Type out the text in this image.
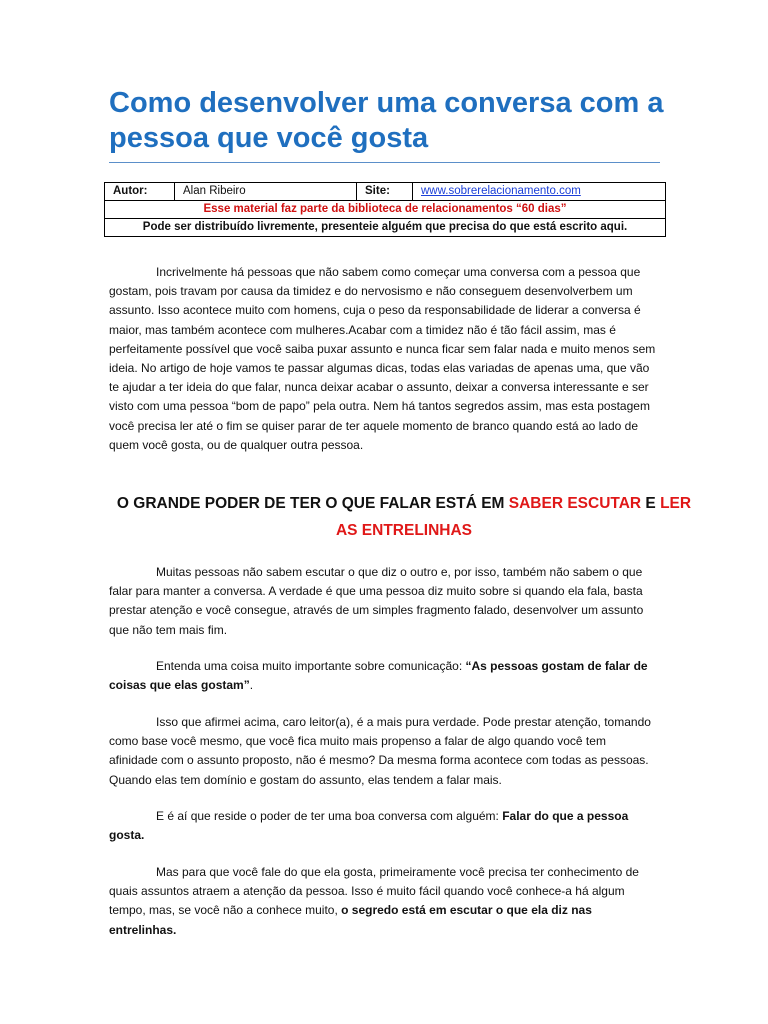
Como desenvolver uma conversa com a pessoa que você gosta
Autor:	Alan Ribeiro	Site:	www.sobrerelacionamento.com
Esse material faz parte da biblioteca de relacionamentos “60 dias”
Pode ser distribuído livremente, presenteie alguém que precisa do que está escrito aqui.

Incrivelmente há pessoas que não sabem como começar uma conversa com a pessoa que gostam, pois travam por causa da timidez e do nervosismo e não conseguem desenvolverbem um assunto. Isso acontece muito com homens, cuja o peso da responsabilidade de liderar a conversa é maior, mas também acontece com mulheres.Acabar com a timidez não é tão fácil assim, mas é perfeitamente possível que você saiba puxar assunto e nunca ficar sem falar nada e muito menos sem ideia. No artigo de hoje vamos te passar algumas dicas, todas elas variadas de apenas uma, que vão te ajudar a ter ideia do que falar, nunca deixar acabar o assunto, deixar a conversa interessante e ser visto com uma pessoa “bom de papo” pela outra. Nem há tantos segredos assim, mas esta postagem você precisa ler até o fim se quiser parar de ter aquele momento de branco quando está ao lado de quem você gosta, ou de qualquer outra pessoa.

O GRANDE PODER DE TER O QUE FALAR ESTÁ EM SABER ESCUTAR E LER AS ENTRELINHAS

Muitas pessoas não sabem escutar o que diz o outro e, por isso, também não sabem o que falar para manter a conversa. A verdade é que uma pessoa diz muito sobre si quando ela fala, basta prestar atenção e você consegue, através de um simples fragmento falado, desenvolver um assunto que não tem mais fim.

Entenda uma coisa muito importante sobre comunicação: “As pessoas gostam de falar de coisas que elas gostam”.

Isso que afirmei acima, caro leitor(a), é a mais pura verdade. Pode prestar atenção, tomando como base você mesmo, que você fica muito mais propenso a falar de algo quando você tem afinidade com o assunto proposto, não é mesmo? Da mesma forma acontece com todas as pessoas. Quando elas tem domínio e gostam do assunto, elas tendem a falar mais.

E é aí que reside o poder de ter uma boa conversa com alguém: Falar do que a pessoa gosta.

Mas para que você fale do que ela gosta, primeiramente você precisa ter conhecimento de quais assuntos atraem a atenção da pessoa. Isso é muito fácil quando você conhece-a há algum tempo, mas, se você não a conhece muito, o segredo está em escutar o que ela diz nas entrelinhas.
